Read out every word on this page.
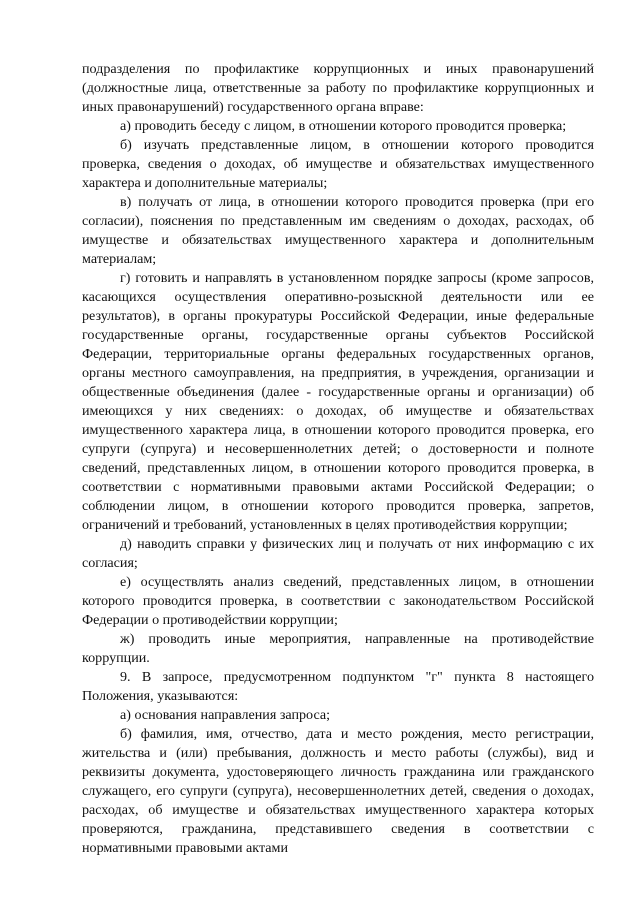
подразделения по профилактике коррупционных и иных правонарушений (должностные лица, ответственные за работу по профилактике коррупционных и иных правонарушений) государственного органа вправе:

а) проводить беседу с лицом, в отношении которого проводится проверка;

б) изучать представленные лицом, в отношении которого проводится проверка, сведения о доходах, об имуществе и обязательствах имущественного характера и дополнительные материалы;

в) получать от лица, в отношении которого проводится проверка (при его согласии), пояснения по представленным им сведениям о доходах, расходах, об имуществе и обязательствах имущественного характера и дополнительным материалам;

г) готовить и направлять в установленном порядке запросы (кроме запросов, касающихся осуществления оперативно-розыскной деятельности или ее результатов), в органы прокуратуры Российской Федерации, иные федеральные государственные органы, государственные органы субъектов Российской Федерации, территориальные органы федеральных государственных органов, органы местного самоуправления, на предприятия, в учреждения, организации и общественные объединения (далее - государственные органы и организации) об имеющихся у них сведениях: о доходах, об имуществе и обязательствах имущественного характера лица, в отношении которого проводится проверка, его супруги (супруга) и несовершеннолетних детей; о достоверности и полноте сведений, представленных лицом, в отношении которого проводится проверка, в соответствии с нормативными правовыми актами Российской Федерации; о соблюдении лицом, в отношении которого проводится проверка, запретов, ограничений и требований, установленных в целях противодействия коррупции;

д) наводить справки у физических лиц и получать от них информацию с их согласия;

е) осуществлять анализ сведений, представленных лицом, в отношении которого проводится проверка, в соответствии с законодательством Российской Федерации о противодействии коррупции;

ж) проводить иные мероприятия, направленные на противодействие коррупции.

9. В запросе, предусмотренном подпунктом "г" пункта 8 настоящего Положения, указываются:

а) основания направления запроса;

б) фамилия, имя, отчество, дата и место рождения, место регистрации, жительства и (или) пребывания, должность и место работы (службы), вид и реквизиты документа, удостоверяющего личность гражданина или гражданского служащего, его супруги (супруга), несовершеннолетних детей, сведения о доходах, расходах, об имуществе и обязательствах имущественного характера которых проверяются, гражданина, представившего сведения в соответствии с нормативными правовыми актами
